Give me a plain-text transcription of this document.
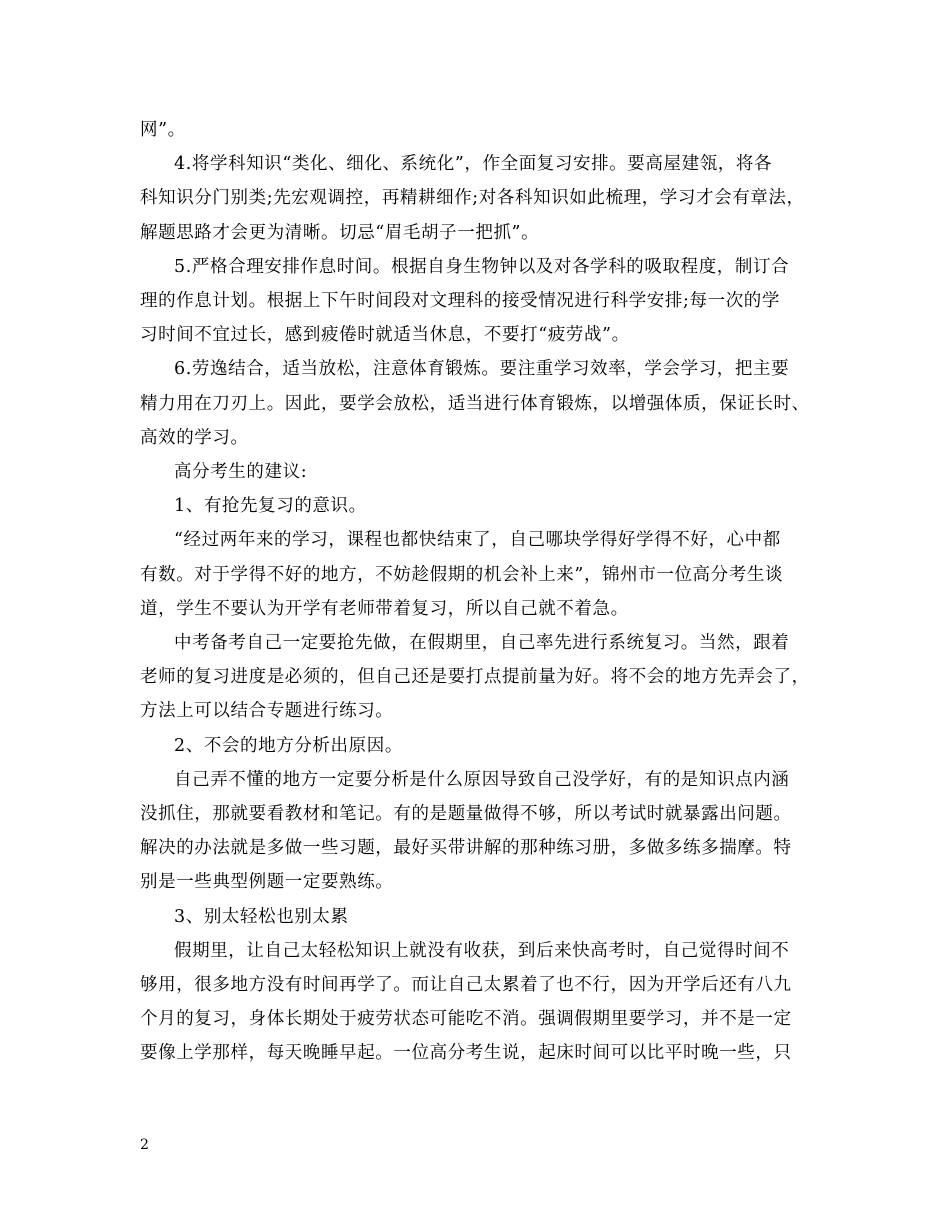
网”。
4.将学科知识“类化、细化、系统化”，作全面复习安排。要高屋建瓴，将各
科知识分门别类;先宏观调控，再精耕细作;对各科知识如此梳理，学习才会有章法，
解题思路才会更为清晰。切忌“眉毛胡子一把抓”。
5.严格合理安排作息时间。根据自身生物钟以及对各学科的吸取程度，制订合
理的作息计划。根据上下午时间段对文理科的接受情况进行科学安排;每一次的学
习时间不宜过长，感到疲倦时就适当休息，不要打“疲劳战”。
6.劳逸结合，适当放松，注意体育锻炼。要注重学习效率，学会学习，把主要
精力用在刀刃上。因此，要学会放松，适当进行体育锻炼，以增强体质，保证长时、
高效的学习。
高分考生的建议:
1、有抢先复习的意识。
“经过两年来的学习，课程也都快结束了，自己哪块学得好学得不好，心中都
有数。对于学得不好的地方，不妨趁假期的机会补上来”，锦州市一位高分考生谈
道，学生不要认为开学有老师带着复习，所以自己就不着急。
中考备考自己一定要抢先做，在假期里，自己率先进行系统复习。当然，跟着
老师的复习进度是必须的，但自己还是要打点提前量为好。将不会的地方先弄会了，
方法上可以结合专题进行练习。
2、不会的地方分析出原因。
自己弄不懂的地方一定要分析是什么原因导致自己没学好，有的是知识点内涵
没抓住，那就要看教材和笔记。有的是题量做得不够，所以考试时就暴露出问题。
解决的办法就是多做一些习题，最好买带讲解的那种练习册，多做多练多揣摩。特
别是一些典型例题一定要熟练。
3、别太轻松也别太累
假期里，让自己太轻松知识上就没有收获，到后来快高考时，自己觉得时间不
够用，很多地方没有时间再学了。而让自己太累着了也不行，因为开学后还有八九
个月的复习，身体长期处于疲劳状态可能吃不消。强调假期里要学习，并不是一定
要像上学那样，每天晚睡早起。一位高分考生说，起床时间可以比平时晚一些，只
2
